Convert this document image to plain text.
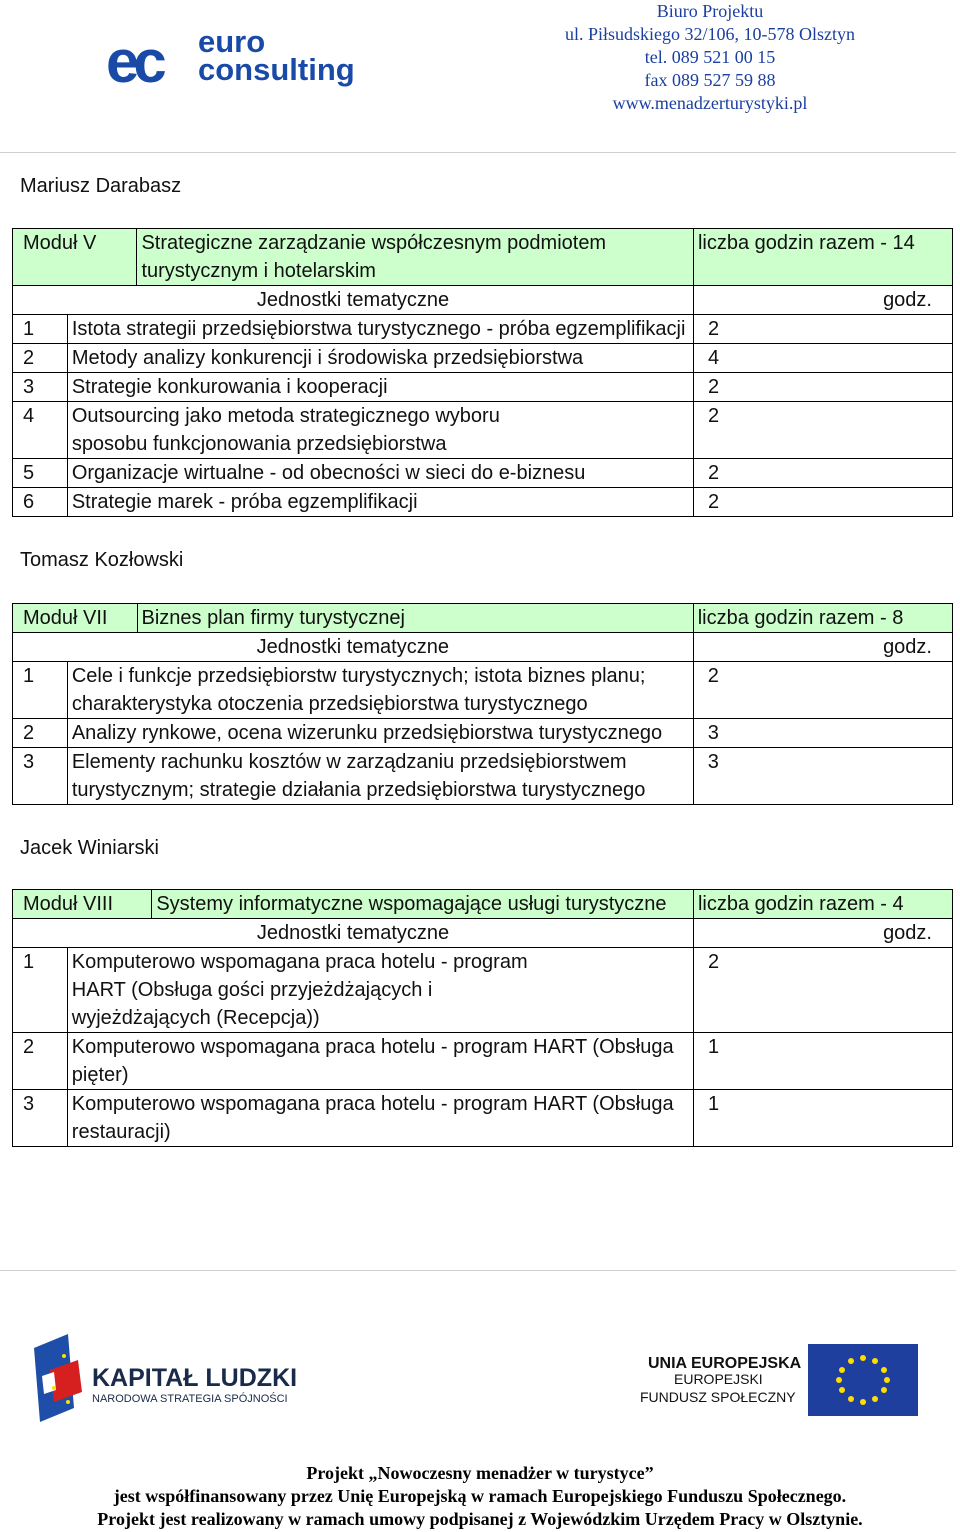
ec euro
consulting
Biuro Projektu
ul. Piłsudskiego 32/106, 10-578 Olsztyn
tel. 089 521 00 15
fax 089 527 59 88
www.menadzerturystyki.pl
Mariusz Darabasz
Moduł V		Strategiczne zarządzanie współczesnym podmiotem turystycznym i hotelarskim	liczba godzin razem - 14
Jednostki tematyczne			godz.
1	Istota strategii przedsiębiorstwa turystycznego - próba egzemplifikacji		2
2	Metody analizy konkurencji i środowiska przedsiębiorstwa		4
3	Strategie konkurowania i kooperacji		2
4	Outsourcing jako metoda strategicznego wyboru sposobu funkcjonowania przedsiębiorstwa		2
5	Organizacje wirtualne - od obecności w sieci do e-biznesu		2
6	Strategie marek - próba egzemplifikacji		2
Tomasz Kozłowski
Moduł VII		Biznes plan firmy turystycznej	liczba godzin razem - 8
Jednostki tematyczne			godz.
1	Cele i funkcje przedsiębiorstw turystycznych; istota biznes planu; charakterystyka otoczenia przedsiębiorstwa turystycznego		2
2	Analizy rynkowe, ocena wizerunku przedsiębiorstwa turystycznego		3
3	Elementy rachunku kosztów w zarządzaniu przedsiębiorstwem turystycznym; strategie działania przedsiębiorstwa turystycznego		3
Jacek Winiarski
Moduł VIII		Systemy informatyczne wspomagające usługi turystyczne	liczba godzin razem - 4
Jednostki tematyczne			godz.
1	Komputerowo wspomagana praca hotelu - program HART (Obsługa gości przyjeżdżających i wyjeżdżających (Recepcja))		2
2	Komputerowo wspomagana praca hotelu - program HART (Obsługa pięter)		1
3	Komputerowo wspomagana praca hotelu - program HART (Obsługa restauracji)		1
KAPITAŁ LUDZKI
NARODOWA STRATEGIA SPÓJNOŚCI
UNIA EUROPEJSKA
EUROPEJSKI
FUNDUSZ SPOŁECZNY
Projekt „Nowoczesny menadżer w turystyce”
jest współfinansowany przez Unię Europejską w ramach Europejskiego Funduszu Społecznego.
Projekt jest realizowany w ramach umowy podpisanej z Wojewódzkim Urzędem Pracy w Olsztynie.
